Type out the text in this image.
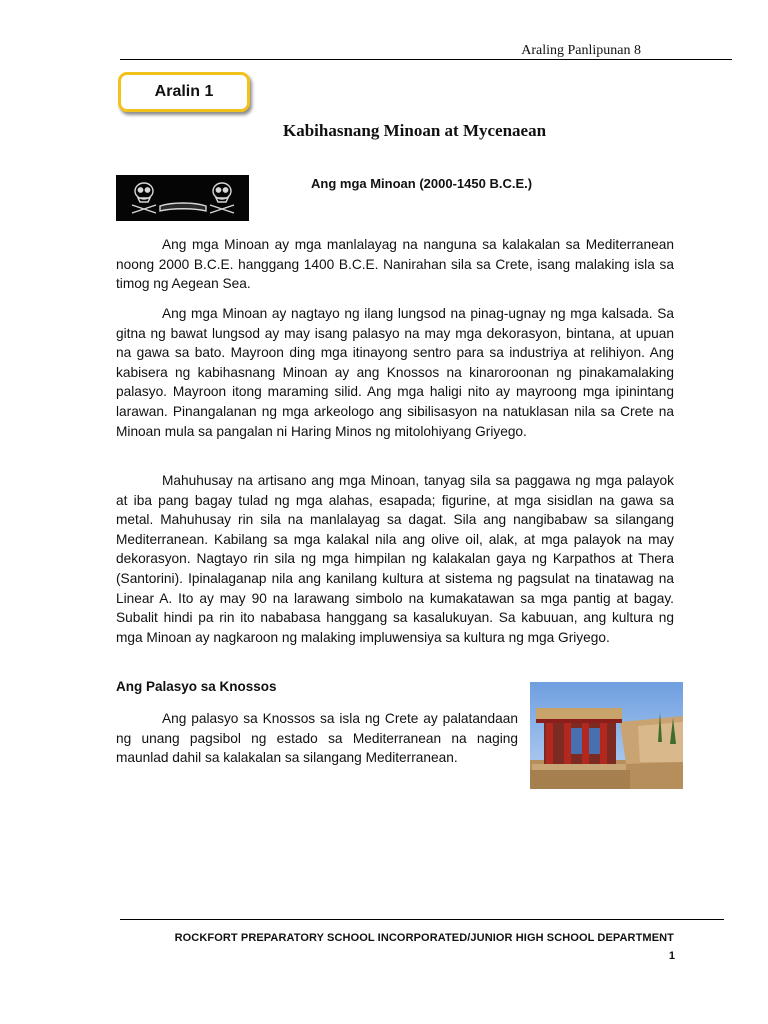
Araling Panlipunan 8
Aralin 1
Kabihasnang Minoan at Mycenaean
Ang mga Minoan (2000-1450 B.C.E.)

Ang mga Minoan ay mga manlalayag na nanguna sa kalakalan sa Mediterranean noong 2000 B.C.E. hanggang 1400 B.C.E. Nanirahan sila sa Crete, isang malaking isla sa timog ng Aegean Sea.

Ang mga Minoan ay nagtayo ng ilang lungsod na pinag-ugnay ng mga kalsada. Sa gitna ng bawat lungsod ay may isang palasyo na may mga dekorasyon, bintana, at upuan na gawa sa bato. Mayroon ding mga itinayong sentro para sa industriya at relihiyon. Ang kabisera ng kabihasnang Minoan ay ang Knossos na kinaroroonan ng pinakamalaking palasyo. Mayroon itong maraming silid. Ang mga haligi nito ay mayroong mga ipinintang larawan. Pinangalanan ng mga arkeologo ang sibilisasyon na natuklasan nila sa Crete na Minoan mula sa pangalan ni Haring Minos ng mitolohiyang Griyego.

Mahuhusay na artisano ang mga Minoan, tanyag sila sa paggawa ng mga palayok at iba pang bagay tulad ng mga alahas, esapada; figurine, at mga sisidlan na gawa sa metal. Mahuhusay rin sila na manlalayag sa dagat. Sila ang nangibabaw sa silangang Mediterranean. Kabilang sa mga kalakal nila ang olive oil, alak, at mga palayok na may dekorasyon. Nagtayo rin sila ng mga himpilan ng kalakalan gaya ng Karpathos at Thera (Santorini). Ipinalaganap nila ang kanilang kultura at sistema ng pagsulat na tinatawag na Linear A. Ito ay may 90 na larawang simbolo na kumakatawan sa mga pantig at bagay. Subalit hindi pa rin ito nababasa hanggang sa kasalukuyan. Sa kabuuan, ang kultura ng mga Minoan ay nagkaroon ng malaking impluwensiya sa kultura ng mga Griyego.

Ang Palasyo sa Knossos

Ang palasyo sa Knossos sa isla ng Crete ay palatandaan ng unang pagsibol ng estado sa Mediterranean na naging maunlad dahil sa kalakalan sa silangang Mediterranean.

ROCKFORT PREPARATORY SCHOOL INCORPORATED/JUNIOR HIGH SCHOOL DEPARTMENT
1
